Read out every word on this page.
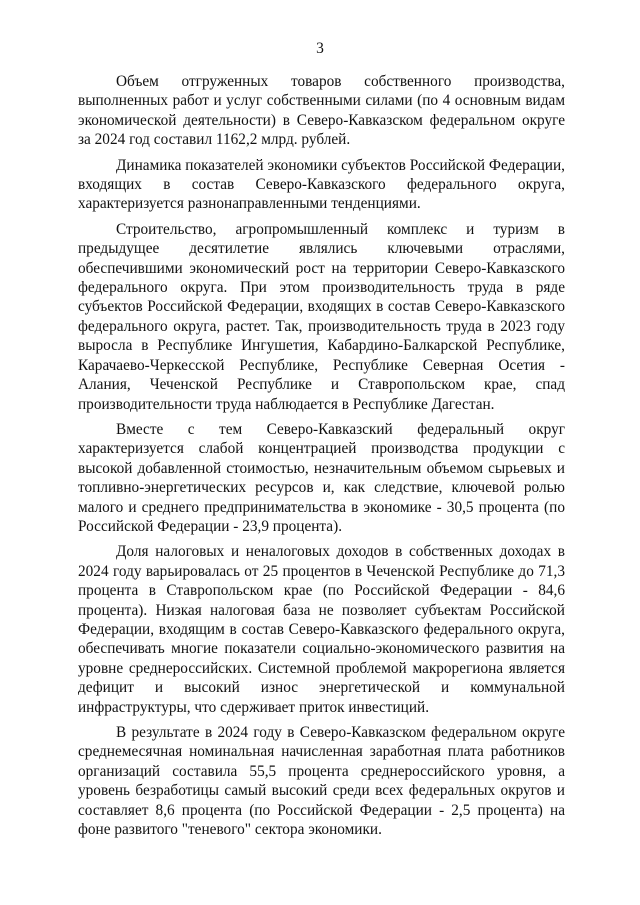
3

Объем отгруженных товаров собственного производства, выполненных работ и услуг собственными силами (по 4 основным видам экономической деятельности) в Северо-Кавказском федеральном округе за 2024 год составил 1162,2 млрд. рублей.

Динамика показателей экономики субъектов Российской Федерации, входящих в состав Северо-Кавказского федерального округа, характеризуется разнонаправленными тенденциями.

Строительство, агропромышленный комплекс и туризм в предыдущее десятилетие являлись ключевыми отраслями, обеспечившими экономический рост на территории Северо-Кавказского федерального округа. При этом производительность труда в ряде субъектов Российской Федерации, входящих в состав Северо-Кавказского федерального округа, растет. Так, производительность труда в 2023 году выросла в Республике Ингушетия, Кабардино-Балкарской Республике, Карачаево-Черкесской Республике, Республике Северная Осетия - Алания, Чеченской Республике и Ставропольском крае, спад производительности труда наблюдается в Республике Дагестан.

Вместе с тем Северо-Кавказский федеральный округ характеризуется слабой концентрацией производства продукции с высокой добавленной стоимостью, незначительным объемом сырьевых и топливно-энергетических ресурсов и, как следствие, ключевой ролью малого и среднего предпринимательства в экономике - 30,5 процента (по Российской Федерации - 23,9 процента).

Доля налоговых и неналоговых доходов в собственных доходах в 2024 году варьировалась от 25 процентов в Чеченской Республике до 71,3 процента в Ставропольском крае (по Российской Федерации - 84,6 процента). Низкая налоговая база не позволяет субъектам Российской Федерации, входящим в состав Северо-Кавказского федерального округа, обеспечивать многие показатели социально-экономического развития на уровне среднероссийских. Системной проблемой макрорегиона является дефицит и высокий износ энергетической и коммунальной инфраструктуры, что сдерживает приток инвестиций.

В результате в 2024 году в Северо-Кавказском федеральном округе среднемесячная номинальная начисленная заработная плата работников организаций составила 55,5 процента среднероссийского уровня, а уровень безработицы самый высокий среди всех федеральных округов и составляет 8,6 процента (по Российской Федерации - 2,5 процента) на фоне развитого "теневого" сектора экономики.
